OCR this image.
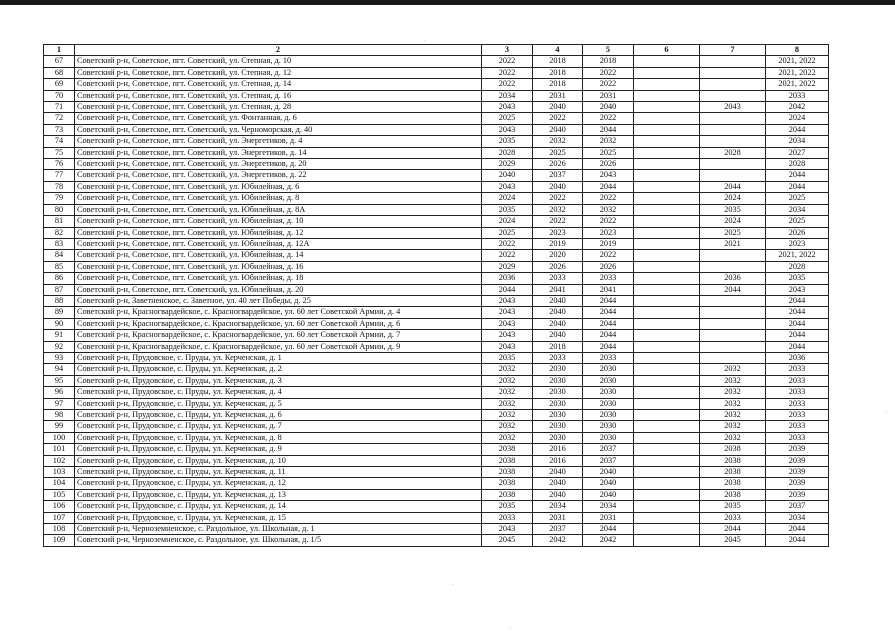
·
·
·
·
1	2	3	4	5	6	7	8
67	Советский р-н, Советское, пгт. Советский, ул. Степная, д. 10	2022	2018	2018			2021, 2022
68	Советский р-н, Советское, пгт. Советский, ул. Степная, д. 12	2022	2018	2022			2021, 2022
69	Советский р-н, Советское, пгт. Советский, ул. Степная, д. 14	2022	2018	2022			2021, 2022
70	Советский р-н, Советское, пгт. Советский, ул. Степная, д. 16	2034	2031	2031			2033
71	Советский р-н, Советское, пгт. Советский, ул. Степная, д. 28	2043	2040	2040		2043	2042
72	Советский р-н, Советское, пгт. Советский, ул. Фонтанная, д. 6	2025	2022	2022			2024
73	Советский р-н, Советское, пгт. Советский, ул. Черноморская, д. 40	2043	2040	2044			2044
74	Советский р-н, Советское, пгт. Советский, ул. Энергетиков, д. 4	2035	2032	2032			2034
75	Советский р-н, Советское, пгт. Советский, ул. Энергетиков, д. 14	2028	2025	2025		2028	2027
76	Советский р-н, Советское, пгт. Советский, ул. Энергетиков, д. 20	2029	2026	2026			2028
77	Советский р-н, Советское, пгт. Советский, ул. Энергетиков, д. 22	2040	2037	2043			2044
78	Советский р-н, Советское, пгт. Советский, ул. Юбилейная, д. 6	2043	2040	2044		2044	2044
79	Советский р-н, Советское, пгт. Советский, ул. Юбилейная, д. 8	2024	2022	2022		2024	2025
80	Советский р-н, Советское, пгт. Советский, ул. Юбилейная, д. 8А	2035	2032	2032		2035	2034
81	Советский р-н, Советское, пгт. Советский, ул. Юбилейная, д. 10	2024	2022	2022		2024	2025
82	Советский р-н, Советское, пгт. Советский, ул. Юбилейная, д. 12	2025	2023	2023		2025	2026
83	Советский р-н, Советское, пгт. Советский, ул. Юбилейная, д. 12А	2022	2019	2019		2021	2023
84	Советский р-н, Советское, пгт. Советский, ул. Юбилейная, д. 14	2022	2020	2022			2021, 2022
85	Советский р-н, Советское, пгт. Советский, ул. Юбилейная, д. 16	2029	2026	2026			2028
86	Советский р-н, Советское, пгт. Советский, ул. Юбилейная, д. 18	2036	2033	2033		2036	2035
87	Советский р-н, Советское, пгт. Советский, ул. Юбилейная, д. 20	2044	2041	2041		2044	2043
88	Советский р-н, Заветненское, с. Заветное, ул. 40 лет Победы, д. 25	2043	2040	2044			2044
89	Советский р-н, Красногвардейское, с. Красногвардейское, ул. 60 лет Советской Армии, д. 4	2043	2040	2044			2044
90	Советский р-н, Красногвардейское, с. Красногвардейское, ул. 60 лет Советской Армии, д. 6	2043	2040	2044			2044
91	Советский р-н, Красногвардейское, с. Красногвардейское, ул. 60 лет Советской Армии, д. 7	2043	2040	2044			2044
92	Советский р-н, Красногвардейское, с. Красногвардейское, ул. 60 лет Советской Армии, д. 9	2043	2018	2044			2044
93	Советский р-н, Прудовское, с. Пруды, ул. Керченская, д. 1	2035	2033	2033			2036
94	Советский р-н, Прудовское, с. Пруды, ул. Керченская, д. 2	2032	2030	2030		2032	2033
95	Советский р-н, Прудовское, с. Пруды, ул. Керченская, д. 3	2032	2030	2030		2032	2033
96	Советский р-н, Прудовское, с. Пруды, ул. Керченская, д. 4	2032	2030	2030		2032	2033
97	Советский р-н, Прудовское, с. Пруды, ул. Керченская, д. 5	2032	2030	2030		2032	2033
98	Советский р-н, Прудовское, с. Пруды, ул. Керченская, д. 6	2032	2030	2030		2032	2033
99	Советский р-н, Прудовское, с. Пруды, ул. Керченская, д. 7	2032	2030	2030		2032	2033
100	Советский р-н, Прудовское, с. Пруды, ул. Керченская, д. 8	2032	2030	2030		2032	2033
101	Советский р-н, Прудовское, с. Пруды, ул. Керченская, д. 9	2038	2016	2037		2038	2039
102	Советский р-н, Прудовское, с. Пруды, ул. Керченская, д. 10	2038	2016	2037		2038	2039
103	Советский р-н, Прудовское, с. Пруды, ул. Керченская, д. 11	2038	2040	2040		2038	2039
104	Советский р-н, Прудовское, с. Пруды, ул. Керченская, д. 12	2038	2040	2040		2038	2039
105	Советский р-н, Прудовское, с. Пруды, ул. Керченская, д. 13	2038	2040	2040		2038	2039
106	Советский р-н, Прудовское, с. Пруды, ул. Керченская, д. 14	2035	2034	2034		2035	2037
107	Советский р-н, Прудовское, с. Пруды, ул. Керченская, д. 15	2033	2031	2031		2033	2034
108	Советский р-н, Черноземненское, с. Раздольное, ул. Школьная, д. 1	2043	2037	2044		2044	2044
109	Советский р-н, Черноземненское, с. Раздольное, ул. Школьная, д. 1/5	2045	2042	2042		2045	2044
